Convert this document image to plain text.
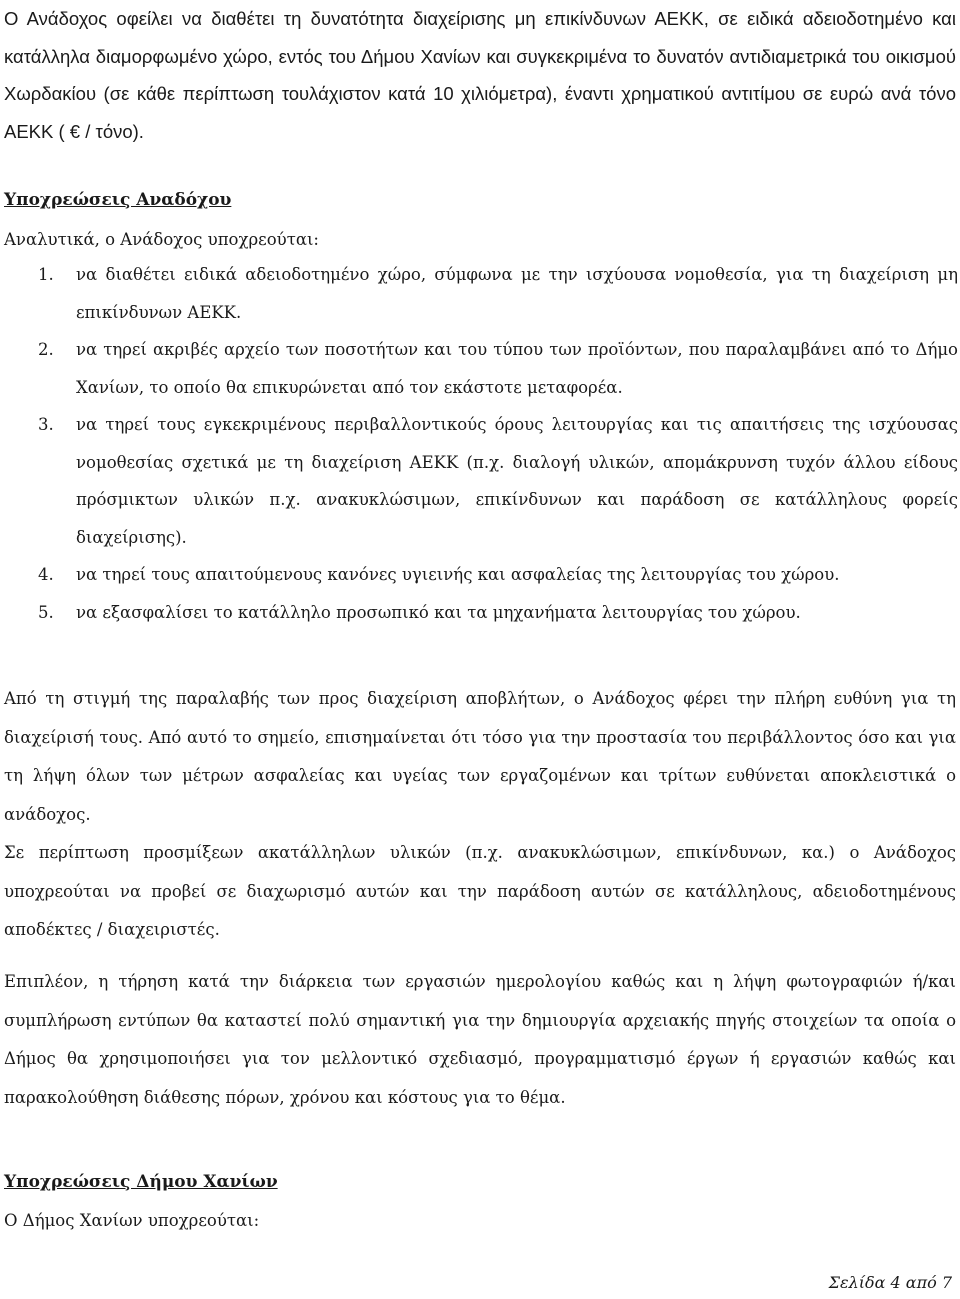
Ο Ανάδοχος οφείλει να διαθέτει τη δυνατότητα διαχείρισης μη επικίνδυνων ΑΕΚΚ, σε ειδικά αδειοδοτημένο και κατάλληλα διαμορφωμένο χώρο, εντός του Δήμου Χανίων και συγκεκριμένα το δυνατόν αντιδιαμετρικά του οικισμού Χωρδακίου (σε κάθε περίπτωση τουλάχιστον κατά 10 χιλιόμετρα), έναντι χρηματικού αντιτίμου σε ευρώ ανά τόνο ΑΕΚΚ ( € / τόνο).

Υποχρεώσεις Αναδόχου

Αναλυτικά, ο Ανάδοχος υποχρεούται:

1. να διαθέτει ειδικά αδειοδοτημένο χώρο, σύμφωνα με την ισχύουσα νομοθεσία, για τη διαχείριση μη επικίνδυνων ΑΕΚΚ.
2. να τηρεί ακριβές αρχείο των ποσοτήτων και του τύπου των προϊόντων, που παραλαμβάνει από το Δήμο Χανίων, το οποίο θα επικυρώνεται από τον εκάστοτε μεταφορέα.
3. να τηρεί τους εγκεκριμένους περιβαλλοντικούς όρους λειτουργίας και τις απαιτήσεις της ισχύουσας νομοθεσίας σχετικά με τη διαχείριση ΑΕΚΚ (π.χ. διαλογή υλικών, απομάκρυνση τυχόν άλλου είδους πρόσμικτων υλικών π.χ. ανακυκλώσιμων, επικίνδυνων και παράδοση σε κατάλληλους φορείς διαχείρισης).
4. να τηρεί τους απαιτούμενους κανόνες υγιεινής και ασφαλείας της λειτουργίας του χώρου.
5. να εξασφαλίσει το κατάλληλο προσωπικό και τα μηχανήματα λειτουργίας του χώρου.

Από τη στιγμή της παραλαβής των προς διαχείριση αποβλήτων, ο Ανάδοχος φέρει την πλήρη ευθύνη για τη διαχείρισή τους. Από αυτό το σημείο, επισημαίνεται ότι τόσο για την προστασία του περιβάλλοντος όσο και για τη λήψη όλων των μέτρων ασφαλείας και υγείας των εργαζομένων και τρίτων ευθύνεται αποκλειστικά ο ανάδοχος.

Σε περίπτωση προσμίξεων ακατάλληλων υλικών (π.χ. ανακυκλώσιμων, επικίνδυνων, κα.) ο Ανάδοχος υποχρεούται να προβεί σε διαχωρισμό αυτών και την παράδοση αυτών σε κατάλληλους, αδειοδοτημένους αποδέκτες / διαχειριστές.

Επιπλέον, η τήρηση κατά την διάρκεια των εργασιών ημερολογίου καθώς και η λήψη φωτογραφιών ή/και συμπλήρωση εντύπων θα καταστεί πολύ σημαντική για την δημιουργία αρχειακής πηγής στοιχείων τα οποία ο Δήμος θα χρησιμοποιήσει για τον μελλοντικό σχεδιασμό, προγραμματισμό έργων ή εργασιών καθώς και παρακολούθηση διάθεσης πόρων, χρόνου και κόστους για το θέμα.

Υποχρεώσεις Δήμου Χανίων

Ο Δήμος Χανίων υποχρεούται:

Σελίδα 4 από 7
